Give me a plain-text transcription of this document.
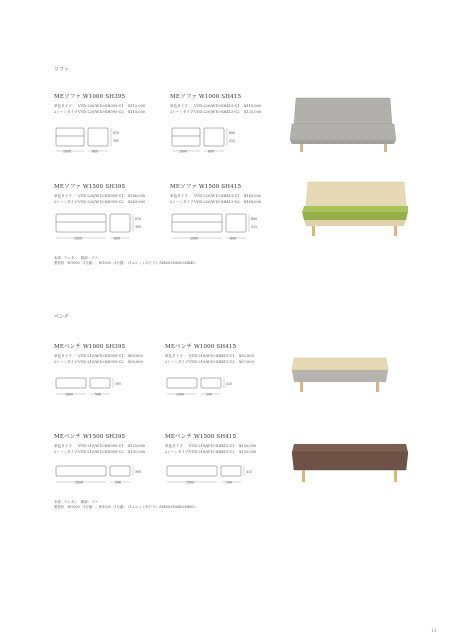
ソファ
MEソファ W1000 SH395
単色タイプ VVD-220/W10-SH395-C1 ¥112,000
2トーンタイプVVD-220/W10-SH395-C2 ¥118,000
1000	600
870
395
MEソファ W1000 SH415
単色タイプ VVD-220/W10-SH415-C1 ¥119,000
2トーンタイプVVD-220/W10-SH415-C2 ¥125,000
1000	600
890
415
MEソファ W1500 SH395
単色タイプ VVD-220/W15-SH395-C1 ¥156,000
2トーンタイプVVD-220/W15-SH395-C2 ¥163,000
1500	600
870
395
MEソファ W1500 SH415
単色タイプ VVD-220/W15-SH415-C1 ¥163,000
2トーンタイプVVD-220/W15-SH415-C2 ¥169,000
1500	600
890
415
本体：ウレタン　脚部：ブナ
張材料　W1000（1分割）、W1500（1分割）　(1ユニットあたり)（W450×D600×H640）
ベンチ
MEベンチ W1000 SH395
単色タイプ VVD-210/W10-SH395-C1 ¥89,000
2トーンタイプVVD-210/W10-SH395-C2 ¥95,000
1000	540
395
MEベンチ W1000 SH415
単色タイプ VVD-210/W10-SH415-C1 ¥92,000
2トーンタイプVVD-210/W10-SH415-C2 ¥97,000
1000	540
415
MEベンチ W1500 SH395
単色タイプ VVD-210/W15-SH395-C1 ¥125,000
2トーンタイプVVD-210/W15-SH395-C2 ¥131,000
1500	540
395
MEベンチ W1500 SH415
単色タイプ VVD-210/W15-SH415-C1 ¥130,000
2トーンタイプVVD-210/W15-SH415-C2 ¥135,000
1500	540
415
本体：ウレタン　脚部：ブナ
張材料　W1000（1分割）、W1500（1分割）　(1ユニットあたり)（W450×D640×H600）
11
